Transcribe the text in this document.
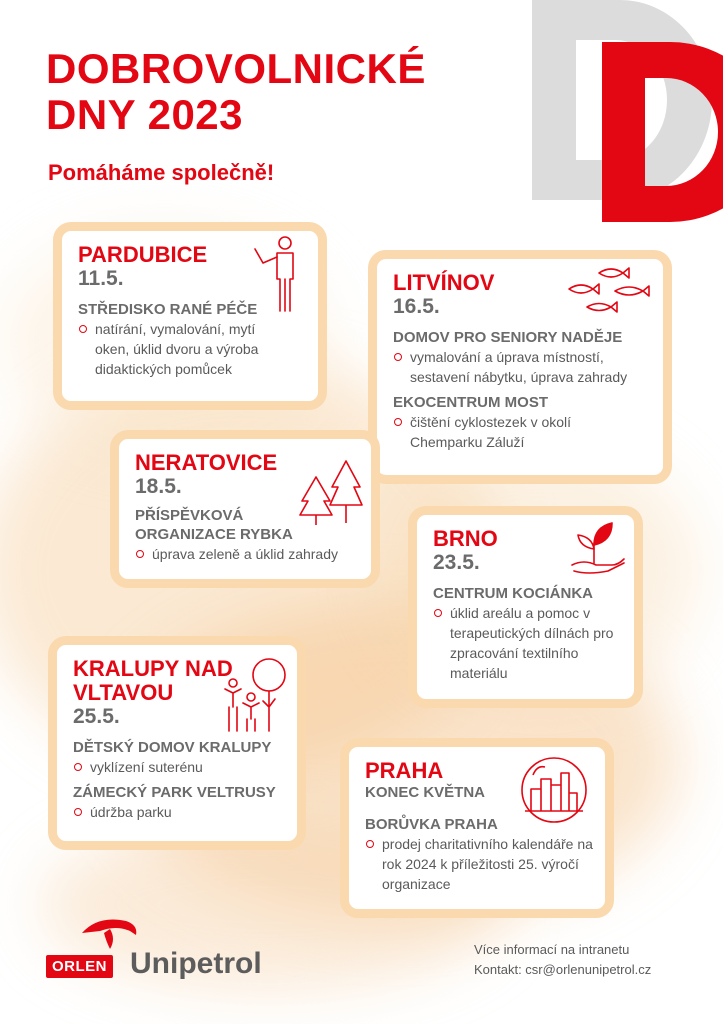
DOBROVOLNICKÉ
DNY 2023
Pomáháme společně!
PARDUBICE
11.5.
STŘEDISKO RANÉ PÉČE
natírání, vymalování, mytí oken, úklid dvoru a výroba didaktických pomůcek
LITVÍNOV
16.5.
DOMOV PRO SENIORY NADĚJE
vymalování a úprava místností, sestavení nábytku, úprava zahrady
EKOCENTRUM MOST
čištění cyklostezek v okolí Chemparku Záluží
NERATOVICE
18.5.
PŘÍSPĚVKOVÁ ORGANIZACE RYBKA
úprava zeleně a úklid zahrady
BRNO
23.5.
CENTRUM KOCIÁNKA
úklid areálu a pomoc v terapeutických dílnách pro zpracování textilního materiálu
KRALUPY NAD VLTAVOU
25.5.
DĚTSKÝ DOMOV KRALUPY
vyklízení suterénu
ZÁMECKÝ PARK VELTRUSY
údržba parku
PRAHA
KONEC KVĚTNA
BORŮVKA PRAHA
prodej charitativního kalendáře na rok 2024 k příležitosti 25. výročí organizace
ORLEN Unipetrol	Více informací na intranetu
Kontakt: csr@orlenunipetrol.cz
